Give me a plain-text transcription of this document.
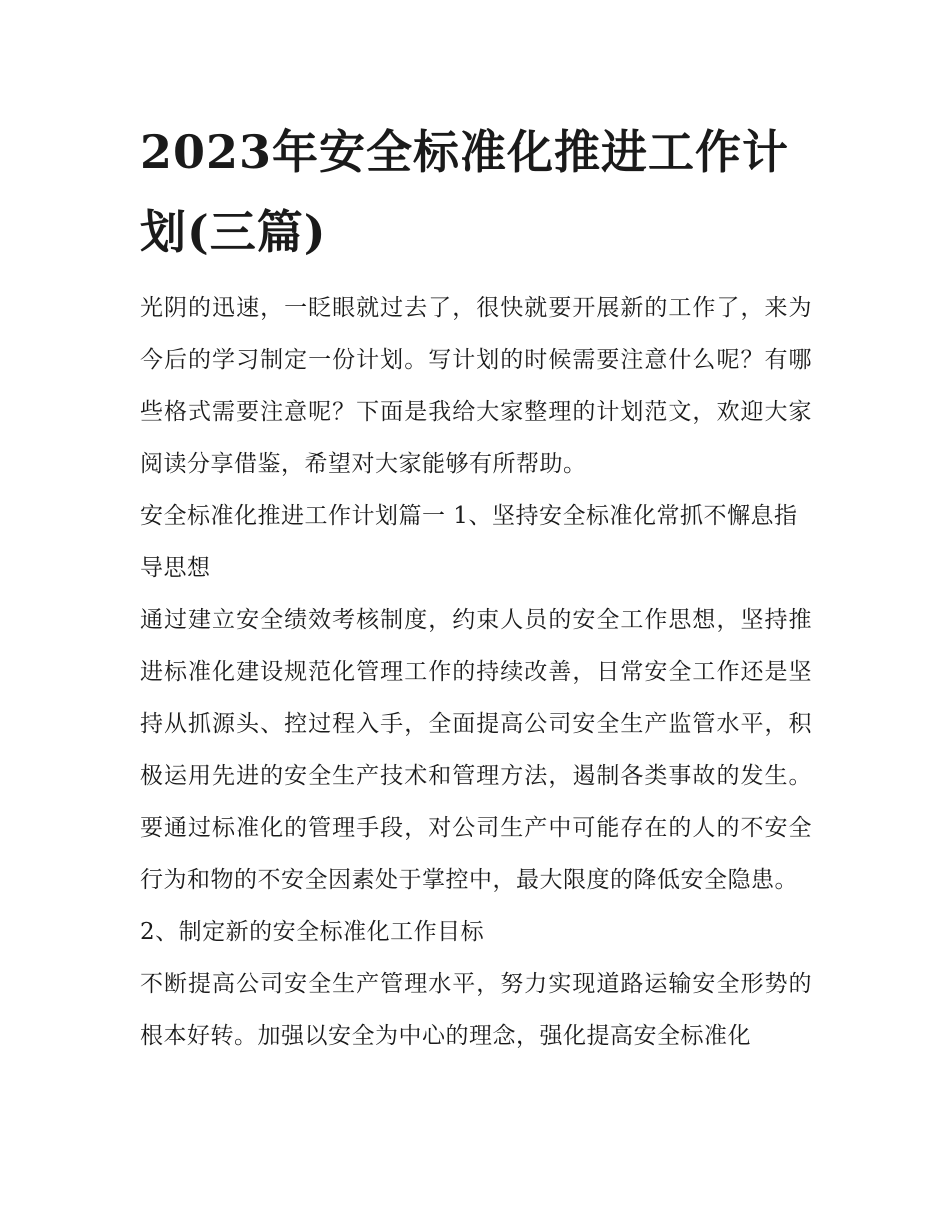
2023年安全标准化推进工作计划(三篇)

光阴的迅速，一眨眼就过去了，很快就要开展新的工作了，来为今后的学习制定一份计划。写计划的时候需要注意什么呢？有哪些格式需要注意呢？下面是我给大家整理的计划范文，欢迎大家阅读分享借鉴，希望对大家能够有所帮助。

安全标准化推进工作计划篇一 1、坚持安全标准化常抓不懈息指导思想

通过建立安全绩效考核制度，约束人员的安全工作思想，坚持推进标准化建设规范化管理工作的持续改善，日常安全工作还是坚持从抓源头、控过程入手，全面提高公司安全生产监管水平，积极运用先进的安全生产技术和管理方法，遏制各类事故的发生。要通过标准化的管理手段，对公司生产中可能存在的人的不安全行为和物的不安全因素处于掌控中，最大限度的降低安全隐患。

2、制定新的安全标准化工作目标

不断提高公司安全生产管理水平，努力实现道路运输安全形势的根本好转。加强以安全为中心的理念，强化提高安全标准化
